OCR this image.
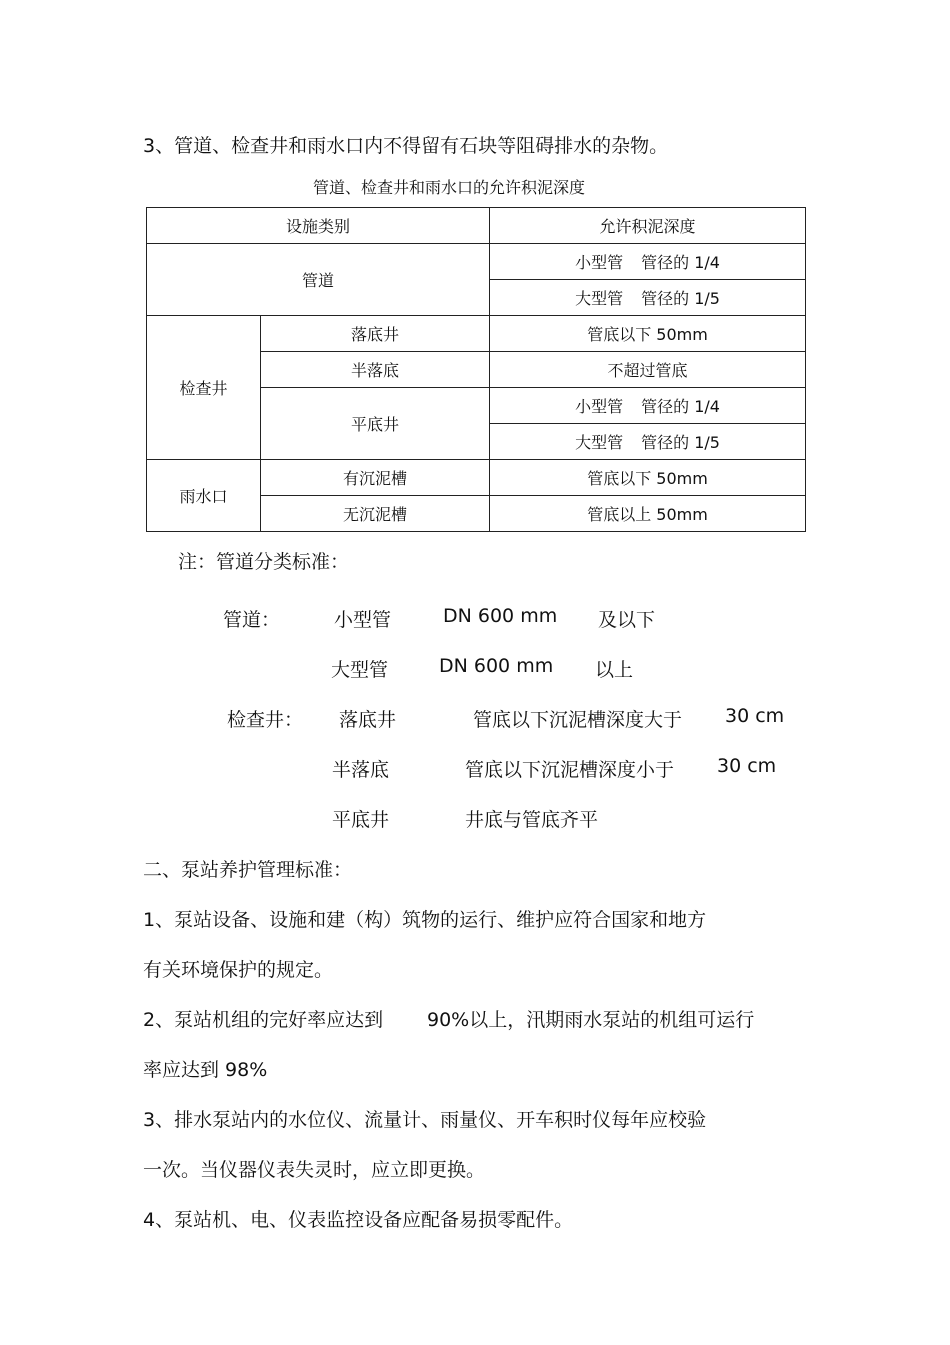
3、管道、检查井和雨水口内不得留有石块等阻碍排水的杂物。
管道、检查井和雨水口的允许积泥深度
设施类别		允许积泥深度
管道		小型管 管径的 1/4
		大型管 管径的 1/5
检查井	落底井	管底以下 50mm
	半落底	不超过管底
	平底井	小型管 管径的 1/4
		大型管 管径的 1/5
雨水口	有沉泥槽	管底以下 50mm
	无沉泥槽	管底以上 50mm
注：管道分类标准：
管道：	小型管	DN 600 mm 及以下
大型管	DN 600 mm 以上
检查井： 落底井	管底以下沉泥槽深度大于 30 cm
半落底	管底以下沉泥槽深度小于 30 cm
平底井	井底与管底齐平
二、泵站养护管理标准：
1、泵站设备、设施和建（构）筑物的运行、维护应符合国家和地方
有关环境保护的规定。
2、泵站机组的完好率应达到 90%以上，汛期雨水泵站的机组可运行
率应达到 98%
3、排水泵站内的水位仪、流量计、雨量仪、开车积时仪每年应校验
一次。当仪器仪表失灵时，应立即更换。
4、泵站机、电、仪表监控设备应配备易损零配件。
